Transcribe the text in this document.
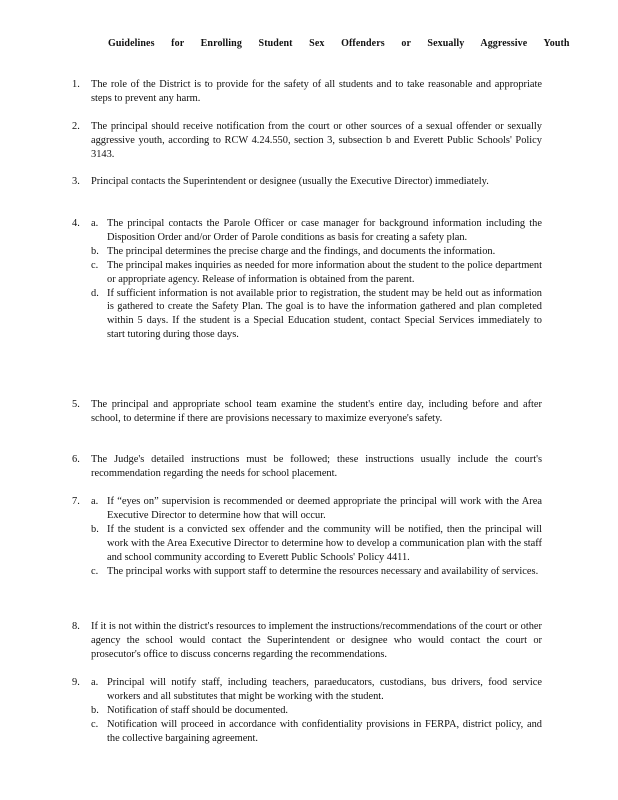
Guidelines for Enrolling Student Sex Offenders or Sexually Aggressive Youth
1.	The role of the District is to provide for the safety of all students and to take reasonable and appropriate steps to prevent any harm.
2.	The principal should receive notification from the court or other sources of a sexual offender or sexually aggressive youth, according to RCW 4.24.550, section 3, subsection b and Everett Public Schools' Policy 3143.
3.	Principal contacts the Superintendent or designee (usually the Executive Director) immediately.
4.	a. The principal contacts the Parole Officer or case manager for background information including the Disposition Order and/or Order of Parole conditions as basis for creating a safety plan.
b. The principal determines the precise charge and the findings, and documents the information.
c. The principal makes inquiries as needed for more information about the student to the police department or appropriate agency. Release of information is obtained from the parent.
d. If sufficient information is not available prior to registration, the student may be held out as information is gathered to create the Safety Plan. The goal is to have the information gathered and plan completed within 5 days. If the student is a Special Education student, contact Special Services immediately to start tutoring during those days.
5.	The principal and appropriate school team examine the student's entire day, including before and after school, to determine if there are provisions necessary to maximize everyone's safety.
6.	The Judge's detailed instructions must be followed; these instructions usually include the court's recommendation regarding the needs for school placement.
7.	a. If “eyes on” supervision is recommended or deemed appropriate the principal will work with the Area Executive Director to determine how that will occur.
b. If the student is a convicted sex offender and the community will be notified, then the principal will work with the Area Executive Director to determine how to develop a communication plan with the staff and school community according to Everett Public Schools' Policy 4411.
c. The principal works with support staff to determine the resources necessary and availability of services.
8.	If it is not within the district's resources to implement the instructions/recommendations of the court or other agency the school would contact the Superintendent or designee who would contact the court or prosecutor's office to discuss concerns regarding the recommendations.
9.	a. Principal will notify staff, including teachers, paraeducators, custodians, bus drivers, food service workers and all substitutes that might be working with the student.
b. Notification of staff should be documented.
c. Notification will proceed in accordance with confidentiality provisions in FERPA, district policy, and the collective bargaining agreement.
